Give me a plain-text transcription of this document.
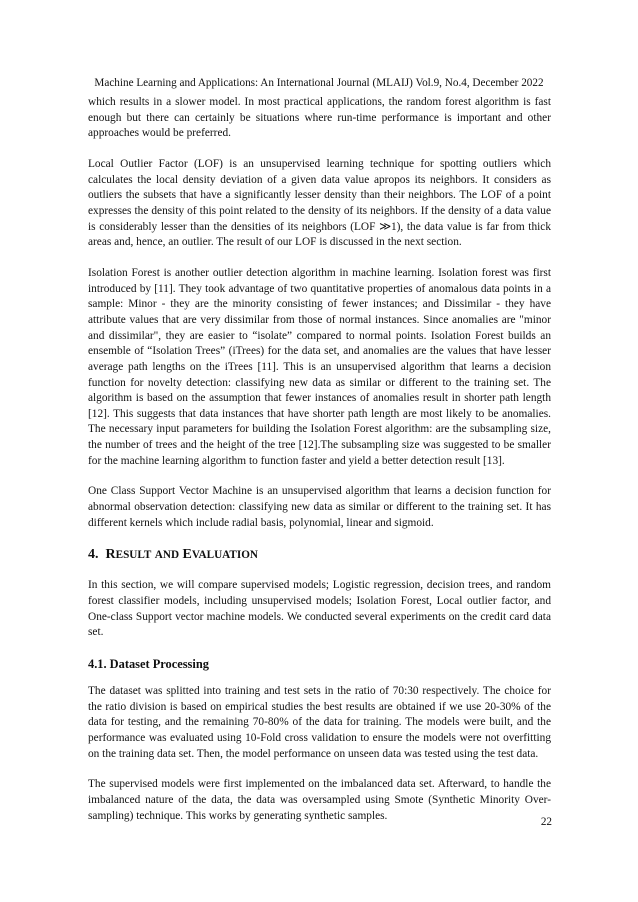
Machine Learning and Applications: An International Journal (MLAIJ) Vol.9, No.4, December 2022

which results in a slower model. In most practical applications, the random forest algorithm is fast enough but there can certainly be situations where run-time performance is important and other approaches would be preferred.

Local Outlier Factor (LOF) is an unsupervised learning technique for spotting outliers which calculates the local density deviation of a given data value apropos its neighbors. It considers as outliers the subsets that have a significantly lesser density than their neighbors. The LOF of a point expresses the density of this point related to the density of its neighbors. If the density of a data value is considerably lesser than the densities of its neighbors (LOF ≫1), the data value is far from thick areas and, hence, an outlier. The result of our LOF is discussed in the next section.

Isolation Forest is another outlier detection algorithm in machine learning. Isolation forest was first introduced by [11]. They took advantage of two quantitative properties of anomalous data points in a sample: Minor - they are the minority consisting of fewer instances; and Dissimilar - they have attribute values that are very dissimilar from those of normal instances. Since anomalies are "minor and dissimilar", they are easier to “isolate” compared to normal points. Isolation Forest builds an ensemble of “Isolation Trees” (iTrees) for the data set, and anomalies are the values that have lesser average path lengths on the iTrees [11]. This is an unsupervised algorithm that learns a decision function for novelty detection: classifying new data as similar or different to the training set. The algorithm is based on the assumption that fewer instances of anomalies result in shorter path length [12]. This suggests that data instances that have shorter path length are most likely to be anomalies. The necessary input parameters for building the Isolation Forest algorithm: are the subsampling size, the number of trees and the height of the tree [12].The subsampling size was suggested to be smaller for the machine learning algorithm to function faster and yield a better detection result [13].

One Class Support Vector Machine is an unsupervised algorithm that learns a decision function for abnormal observation detection: classifying new data as similar or different to the training set. It has different kernels which include radial basis, polynomial, linear and sigmoid.

4. RESULT AND EVALUATION

In this section, we will compare supervised models; Logistic regression, decision trees, and random forest classifier models, including unsupervised models; Isolation Forest, Local outlier factor, and One-class Support vector machine models. We conducted several experiments on the credit card data set.

4.1. Dataset Processing

The dataset was splitted into training and test sets in the ratio of 70:30 respectively. The choice for the ratio division is based on empirical studies the best results are obtained if we use 20-30% of the data for testing, and the remaining 70-80% of the data for training. The models were built, and the performance was evaluated using 10-Fold cross validation to ensure the models were not overfitting on the training data set. Then, the model performance on unseen data was tested using the test data.

The supervised models were first implemented on the imbalanced data set. Afterward, to handle the imbalanced nature of the data, the data was oversampled using Smote (Synthetic Minority Over-sampling) technique. This works by generating synthetic samples.

22
